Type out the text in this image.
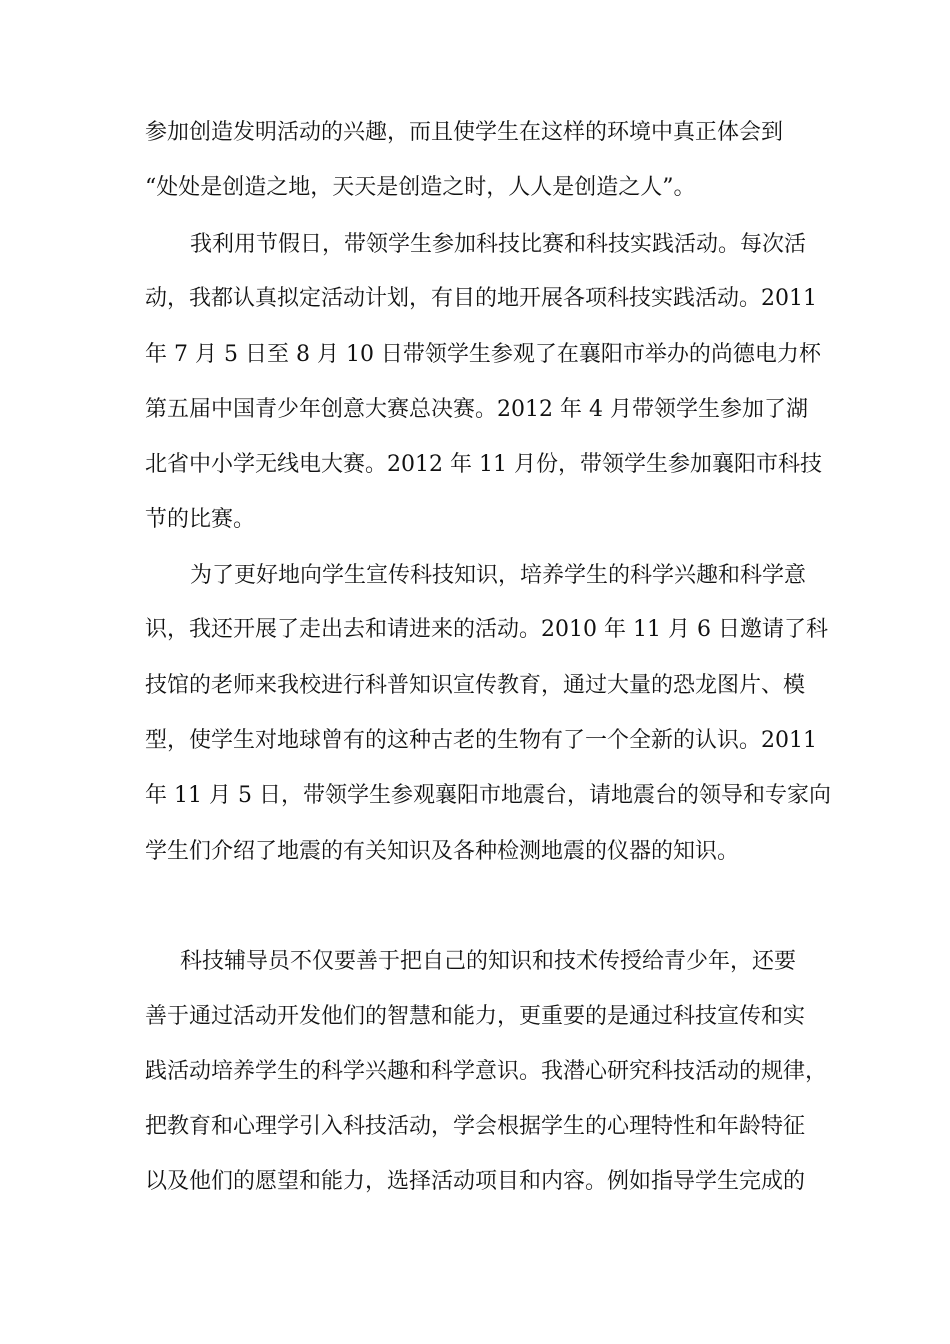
参加创造发明活动的兴趣，而且使学生在这样的环境中真正体会到
“处处是创造之地，天天是创造之时，人人是创造之人”。
我利用节假日，带领学生参加科技比赛和科技实践活动。每次活
动，我都认真拟定活动计划，有目的地开展各项科技实践活动。2011
年 7 月 5 日至 8 月 10 日带领学生参观了在襄阳市举办的尚德电力杯
第五届中国青少年创意大赛总决赛。2012 年 4 月带领学生参加了湖
北省中小学无线电大赛。2012 年 11 月份，带领学生参加襄阳市科技
节的比赛。
为了更好地向学生宣传科技知识，培养学生的科学兴趣和科学意
识，我还开展了走出去和请进来的活动。2010 年 11 月 6 日邀请了科
技馆的老师来我校进行科普知识宣传教育，通过大量的恐龙图片、模
型，使学生对地球曾有的这种古老的生物有了一个全新的认识。2011
年 11 月 5 日，带领学生参观襄阳市地震台，请地震台的领导和专家向
学生们介绍了地震的有关知识及各种检测地震的仪器的知识。
科技辅导员不仅要善于把自己的知识和技术传授给青少年，还要
善于通过活动开发他们的智慧和能力，更重要的是通过科技宣传和实
践活动培养学生的科学兴趣和科学意识。我潜心研究科技活动的规律，
把教育和心理学引入科技活动，学会根据学生的心理特性和年龄特征
以及他们的愿望和能力，选择活动项目和内容。例如指导学生完成的
